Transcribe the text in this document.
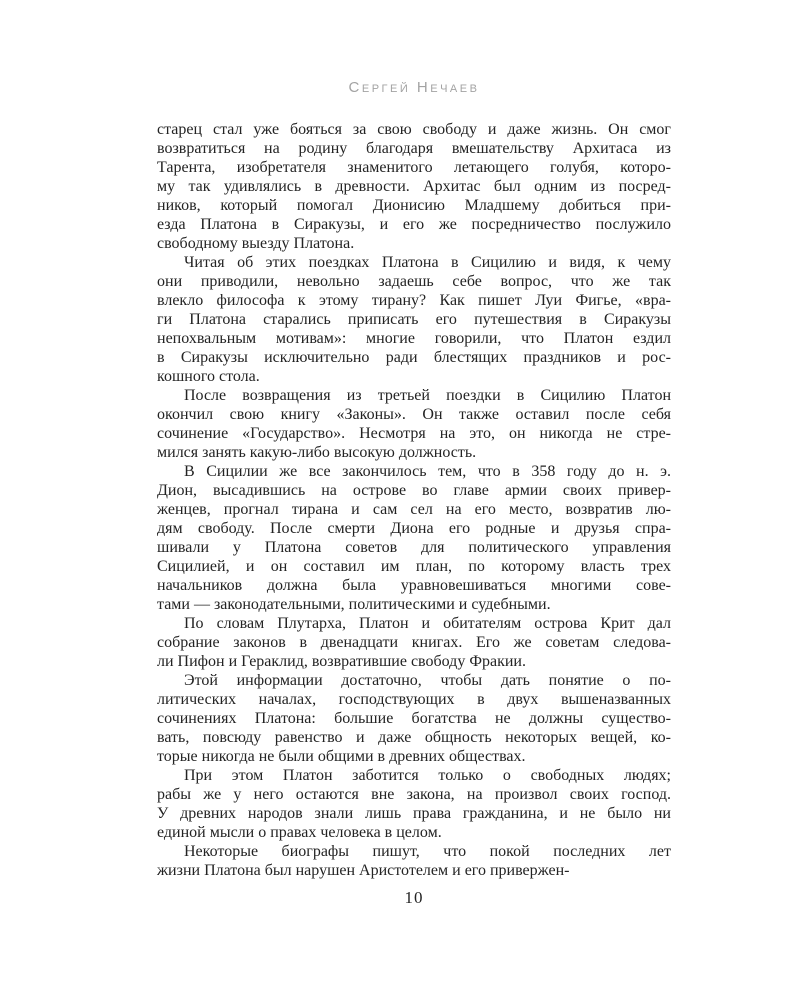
Сергей Нечаев
старец стал уже бояться за свою свободу и даже жизнь. Он смог
возвратиться на родину благодаря вмешательству Архитаса из
Тарента, изобретателя знаменитого летающего голубя, которо-
му так удивлялись в древности. Архитас был одним из посред-
ников, который помогал Дионисию Младшему добиться при-
езда Платона в Сиракузы, и его же посредничество послужило
свободному выезду Платона.
Читая об этих поездках Платона в Сицилию и видя, к чему
они приводили, невольно задаешь себе вопрос, что же так
влекло философа к этому тирану? Как пишет Луи Фигье, «вра-
ги Платона старались приписать его путешествия в Сиракузы
непохвальным мотивам»: многие говорили, что Платон ездил
в Сиракузы исключительно ради блестящих праздников и рос-
кошного стола.
После возвращения из третьей поездки в Сицилию Платон
окончил свою книгу «Законы». Он также оставил после себя
сочинение «Государство». Несмотря на это, он никогда не стре-
мился занять какую-либо высокую должность.
В Сицилии же все закончилось тем, что в 358 году до н. э.
Дион, высадившись на острове во главе армии своих привер-
женцев, прогнал тирана и сам сел на его место, возвратив лю-
дям свободу. После смерти Диона его родные и друзья спра-
шивали у Платона советов для политического управления
Сицилией, и он составил им план, по которому власть трех
начальников должна была уравновешиваться многими сове-
тами — законодательными, политическими и судебными.
По словам Плутарха, Платон и обитателям острова Крит дал
собрание законов в двенадцати книгах. Его же советам следова-
ли Пифон и Гераклид, возвратившие свободу Фракии.
Этой информации достаточно, чтобы дать понятие о по-
литических началах, господствующих в двух вышеназванных
сочинениях Платона: большие богатства не должны существо-
вать, повсюду равенство и даже общность некоторых вещей, ко-
торые никогда не были общими в древних обществах.
При этом Платон заботится только о свободных людях;
рабы же у него остаются вне закона, на произвол своих господ.
У древних народов знали лишь права гражданина, и не было ни
единой мысли о правах человека в целом.
Некоторые биографы пишут, что покой последних лет
жизни Платона был нарушен Аристотелем и его привержен-
10
